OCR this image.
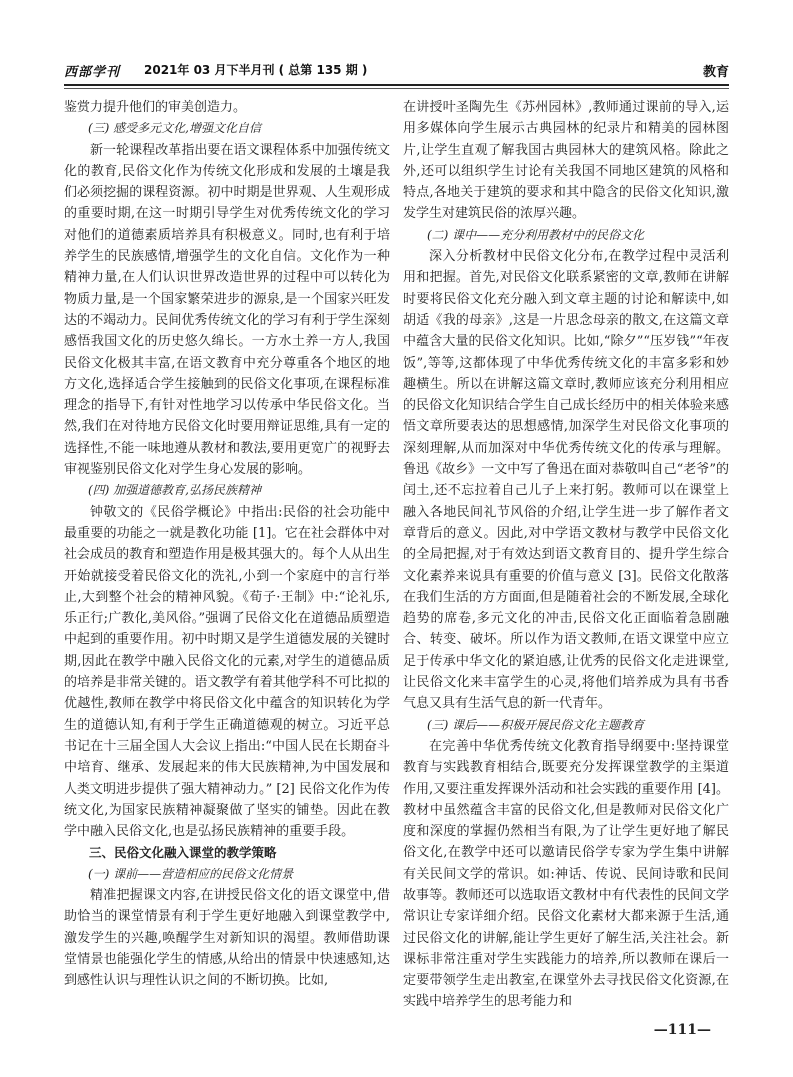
西部学刊 2021年 03 月下半月刊 ( 总第 135 期 )	教育

鉴赏力提升他们的审美创造力。

(三) 感受多元文化,增强文化自信

新一轮课程改革指出要在语文课程体系中加强传统文化的教育,民俗文化作为传统文化形成和发展的土壤是我们必须挖掘的课程资源。初中时期是世界观、人生观形成的重要时期,在这一时期引导学生对优秀传统文化的学习对他们的道德素质培养具有积极意义。同时,也有利于培养学生的民族感情,增强学生的文化自信。文化作为一种精神力量,在人们认识世界改造世界的过程中可以转化为物质力量,是一个国家繁荣进步的源泉,是一个国家兴旺发达的不竭动力。民间优秀传统文化的学习有利于学生深刻感悟我国文化的历史悠久绵长。一方水土养一方人,我国民俗文化极其丰富,在语文教育中充分尊重各个地区的地方文化,选择适合学生接触到的民俗文化事项,在课程标准理念的指导下,有针对性地学习以传承中华民俗文化。当然,我们在对待地方民俗文化时要用辩证思维,具有一定的选择性,不能一味地遵从教材和教法,要用更宽广的视野去审视鉴别民俗文化对学生身心发展的影响。

(四) 加强道德教育,弘扬民族精神

钟敬文的《民俗学概论》中指出:民俗的社会功能中最重要的功能之一就是教化功能 [1]。它在社会群体中对社会成员的教育和塑造作用是极其强大的。每个人从出生开始就接受着民俗文化的洗礼,小到一个家庭中的言行举止,大到整个社会的精神风貌。《荀子·王制》中:“论礼乐,乐正行;广教化,美风俗。”强调了民俗文化在道德品质塑造中起到的重要作用。初中时期又是学生道德发展的关键时期,因此在教学中融入民俗文化的元素,对学生的道德品质的培养是非常关键的。语文教学有着其他学科不可比拟的优越性,教师在教学中将民俗文化中蕴含的知识转化为学生的道德认知,有利于学生正确道德观的树立。习近平总书记在十三届全国人大会议上指出:“中国人民在长期奋斗中培育、继承、发展起来的伟大民族精神,为中国发展和人类文明进步提供了强大精神动力。” [2] 民俗文化作为传统文化,为国家民族精神凝聚做了坚实的铺垫。因此在教学中融入民俗文化,也是弘扬民族精神的重要手段。

三、民俗文化融入课堂的教学策略

(一) 课前——营造相应的民俗文化情景

精准把握课文内容,在讲授民俗文化的语文课堂中,借助恰当的课堂情景有利于学生更好地融入到课堂教学中,激发学生的兴趣,唤醒学生对新知识的渴望。教师借助课堂情景也能强化学生的情感,从给出的情景中快速感知,达到感性认识与理性认识之间的不断切换。比如,

在讲授叶圣陶先生《苏州园林》,教师通过课前的导入,运用多媒体向学生展示古典园林的纪录片和精美的园林图片,让学生直观了解我国古典园林大的建筑风格。除此之外,还可以组织学生讨论有关我国不同地区建筑的风格和特点,各地关于建筑的要求和其中隐含的民俗文化知识,激发学生对建筑民俗的浓厚兴趣。

(二) 课中——充分利用教材中的民俗文化

深入分析教材中民俗文化分布,在教学过程中灵活利用和把握。首先,对民俗文化联系紧密的文章,教师在讲解时要将民俗文化充分融入到文章主题的讨论和解读中,如胡适《我的母亲》,这是一片思念母亲的散文,在这篇文章中蕴含大量的民俗文化知识。比如,“除夕”“压岁钱”“年夜饭”,等等,这都体现了中华优秀传统文化的丰富多彩和妙趣横生。所以在讲解这篇文章时,教师应该充分利用相应的民俗文化知识结合学生自己成长经历中的相关体验来感悟文章所要表达的思想感情,加深学生对民俗文化事项的深刻理解,从而加深对中华优秀传统文化的传承与理解。鲁迅《故乡》一文中写了鲁迅在面对恭敬叫自己“老爷”的闰土,还不忘拉着自己儿子上来打躬。教师可以在课堂上融入各地民间礼节风俗的介绍,让学生进一步了解作者文章背后的意义。因此,对中学语文教材与教学中民俗文化的全局把握,对于有效达到语文教育目的、提升学生综合文化素养来说具有重要的价值与意义 [3]。民俗文化散落在我们生活的方方面面,但是随着社会的不断发展,全球化趋势的席卷,多元文化的冲击,民俗文化正面临着急剧融合、转变、破坏。所以作为语文教师,在语文课堂中应立足于传承中华文化的紧迫感,让优秀的民俗文化走进课堂,让民俗文化来丰富学生的心灵,将他们培养成为具有书香气息又具有生活气息的新一代青年。

(三) 课后——积极开展民俗文化主题教育

在完善中华优秀传统文化教育指导纲要中:坚持课堂教育与实践教育相结合,既要充分发挥课堂教学的主渠道作用,又要注重发挥课外活动和社会实践的重要作用 [4]。教材中虽然蕴含丰富的民俗文化,但是教师对民俗文化广度和深度的掌握仍然相当有限,为了让学生更好地了解民俗文化,在教学中还可以邀请民俗学专家为学生集中讲解有关民间文学的常识。如:神话、传说、民间诗歌和民间故事等。教师还可以选取语文教材中有代表性的民间文学常识让专家详细介绍。民俗文化素材大都来源于生活,通过民俗文化的讲解,能让学生更好了解生活,关注社会。新课标非常注重对学生实践能力的培养,所以教师在课后一定要带领学生走出教室,在课堂外去寻找民俗文化资源,在实践中培养学生的思考能力和

—111—
